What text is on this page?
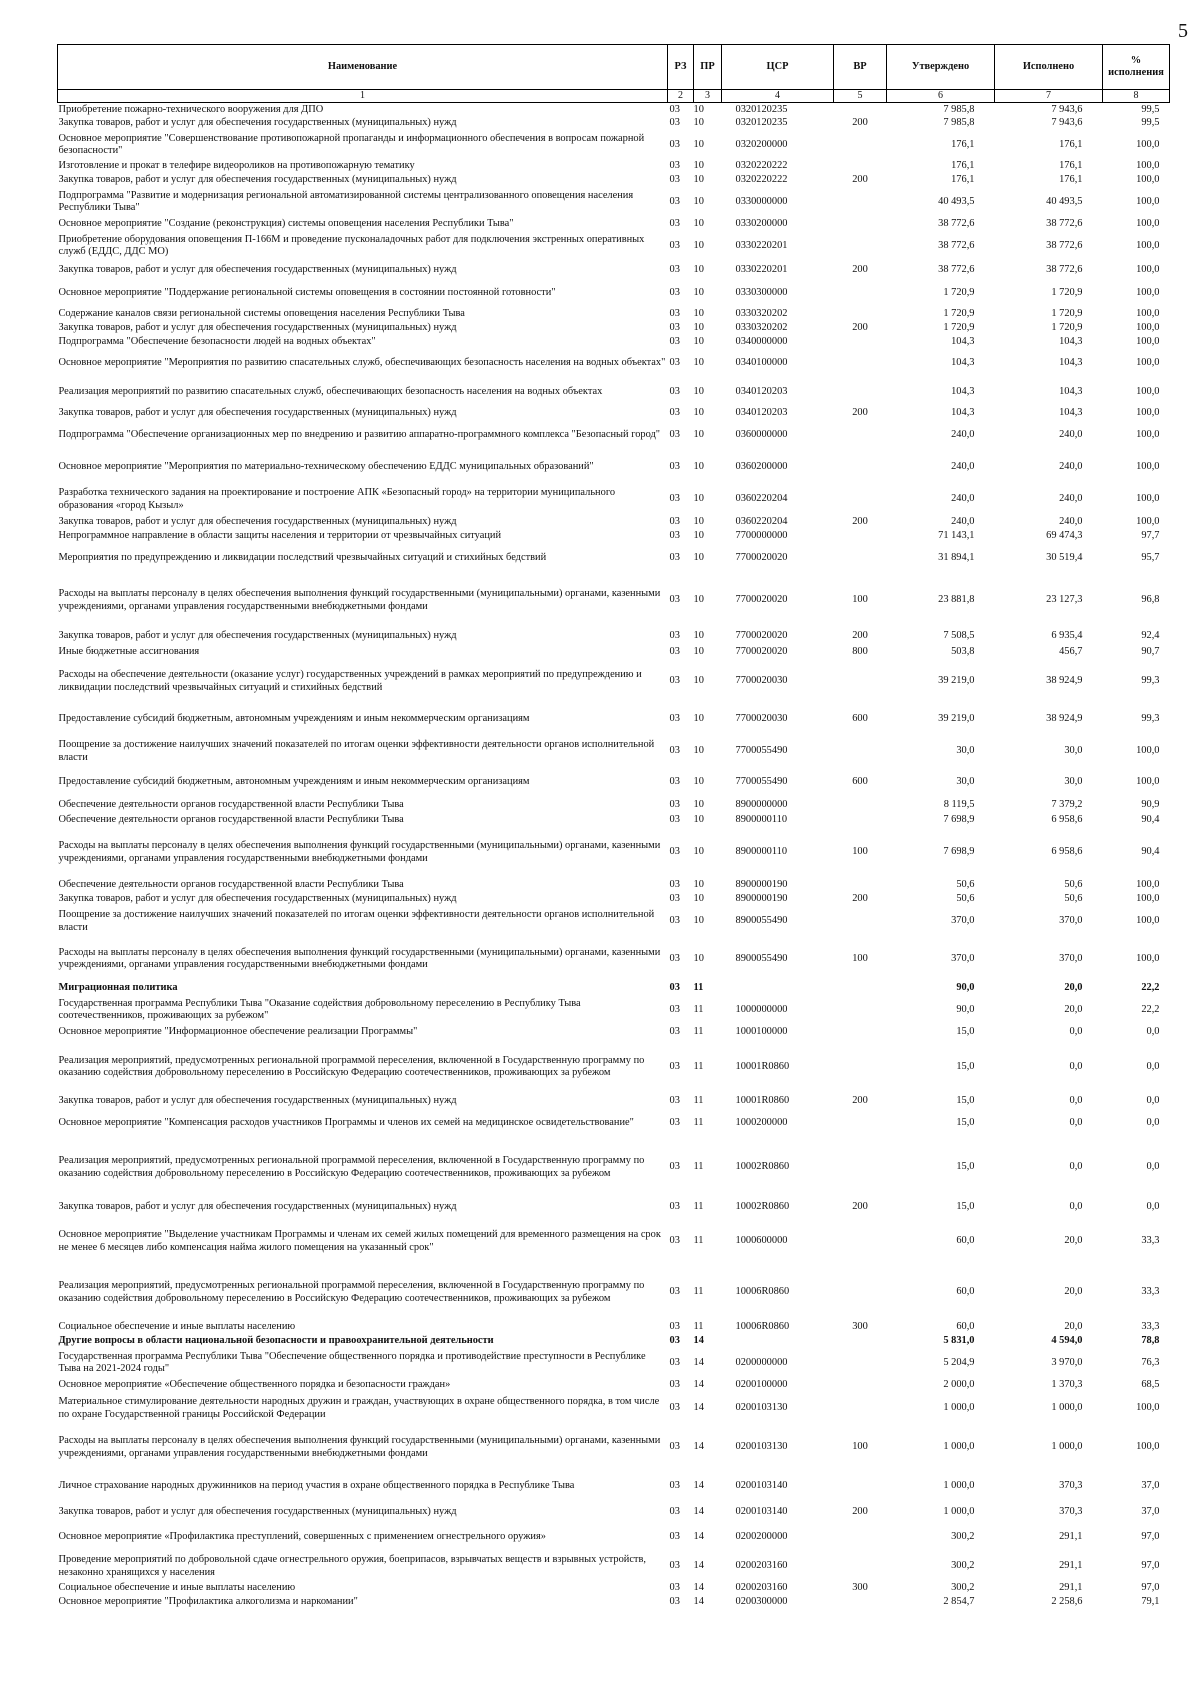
5
Наименование	РЗ	ПР	ЦСР	ВР	Утверждено	Исполнено	% исполнения
1	2	3	4	5	6	7	8
Приобретение пожарно-технического вооружения для ДПО	03	10	0320120235		7 985,8	7 943,6	99,5
Закупка товаров, работ и услуг для обеспечения государственных (муниципальных) нужд	03	10	0320120235	200	7 985,8	7 943,6	99,5
Основное мероприятие "Совершенствование противопожарной пропаганды и информационного обеспечения в вопросам пожарной безопасности"	03	10	0320200000		176,1	176,1	100,0
Изготовление и прокат в телефире видеороликов на противопожарную тематику	03	10	0320220222		176,1	176,1	100,0
Закупка товаров, работ и услуг для обеспечения государственных (муниципальных) нужд	03	10	0320220222	200	176,1	176,1	100,0
Подпрограмма "Развитие и модернизация региональной автоматизированной системы централизованного оповещения населения Республики Тыва"	03	10	0330000000		40 493,5	40 493,5	100,0
Основное мероприятие "Создание (реконструкция) системы оповещения населения Республики Тыва"	03	10	0330200000		38 772,6	38 772,6	100,0
Приобретение оборудования оповещения П-166М и проведение пусконаладочных работ для подключения экстренных оперативных служб (ЕДДС, ДДС МО)	03	10	0330220201		38 772,6	38 772,6	100,0
Закупка товаров, работ и услуг для обеспечения государственных (муниципальных) нужд	03	10	0330220201	200	38 772,6	38 772,6	100,0
Основное мероприятие "Поддержание региональной системы оповещения в состоянии постоянной готовности"	03	10	0330300000		1 720,9	1 720,9	100,0
Содержание каналов связи региональной системы оповещения населения Республики Тыва	03	10	0330320202		1 720,9	1 720,9	100,0
Закупка товаров, работ и услуг для обеспечения государственных (муниципальных) нужд	03	10	0330320202	200	1 720,9	1 720,9	100,0
Подпрограмма "Обеспечение безопасности людей на водных объектах"	03	10	0340000000		104,3	104,3	100,0
Основное мероприятие "Мероприятия по развитию спасательных служб, обеспечивающих безопасность населения на водных объектах"	03	10	0340100000		104,3	104,3	100,0
Реализация мероприятий по развитию спасательных служб, обеспечивающих безопасность населения на водных объектах	03	10	0340120203		104,3	104,3	100,0
Закупка товаров, работ и услуг для обеспечения государственных (муниципальных) нужд	03	10	0340120203	200	104,3	104,3	100,0
Подпрограмма "Обеспечение организационных мер по внедрению и развитию аппаратно-программного комплекса "Безопасный город"	03	10	0360000000		240,0	240,0	100,0
Основное мероприятие "Мероприятия по материально-техническому обеспечению ЕДДС муниципальных образований"	03	10	0360200000		240,0	240,0	100,0
Разработка технического задания на проектирование и построение АПК «Безопасный город» на территории муниципального образования «город Кызыл»	03	10	0360220204		240,0	240,0	100,0
Закупка товаров, работ и услуг для обеспечения государственных (муниципальных) нужд	03	10	0360220204	200	240,0	240,0	100,0
Непрограммное направление в области защиты населения и территории от чрезвычайных ситуаций	03	10	7700000000		71 143,1	69 474,3	97,7
Мероприятия по предупреждению и ликвидации последствий чрезвычайных ситуаций и стихийных бедствий	03	10	7700020020		31 894,1	30 519,4	95,7
Расходы на выплаты персоналу в целях обеспечения выполнения функций государственными (муниципальными) органами, казенными учреждениями, органами управления государственными внебюджетными фондами	03	10	7700020020	100	23 881,8	23 127,3	96,8
Закупка товаров, работ и услуг для обеспечения государственных (муниципальных) нужд	03	10	7700020020	200	7 508,5	6 935,4	92,4
Иные бюджетные ассигнования	03	10	7700020020	800	503,8	456,7	90,7
Расходы на обеспечение деятельности (оказание услуг) государственных учреждений в рамках мероприятий по предупреждению и ликвидации последствий чрезвычайных ситуаций и стихийных бедствий	03	10	7700020030		39 219,0	38 924,9	99,3
Предоставление субсидий бюджетным, автономным учреждениям и иным некоммерческим организациям	03	10	7700020030	600	39 219,0	38 924,9	99,3
Поощрение за достижение наилучших значений показателей по итогам оценки эффективности деятельности органов исполнительной власти	03	10	7700055490		30,0	30,0	100,0
Предоставление субсидий бюджетным, автономным учреждениям и иным некоммерческим организациям	03	10	7700055490	600	30,0	30,0	100,0
Обеспечение деятельности органов государственной власти Республики Тыва	03	10	8900000000		8 119,5	7 379,2	90,9
Обеспечение деятельности органов государственной власти Республики Тыва	03	10	8900000110		7 698,9	6 958,6	90,4
Расходы на выплаты персоналу в целях обеспечения выполнения функций государственными (муниципальными) органами, казенными учреждениями, органами управления государственными внебюджетными фондами	03	10	8900000110	100	7 698,9	6 958,6	90,4
Обеспечение деятельности органов государственной власти Республики Тыва	03	10	8900000190		50,6	50,6	100,0
Закупка товаров, работ и услуг для обеспечения государственных (муниципальных) нужд	03	10	8900000190	200	50,6	50,6	100,0
Поощрение за достижение наилучших значений показателей по итогам оценки эффективности деятельности органов исполнительной власти	03	10	8900055490		370,0	370,0	100,0
Расходы на выплаты персоналу в целях обеспечения выполнения функций государственными (муниципальными) органами, казенными учреждениями, органами управления государственными внебюджетными фондами	03	10	8900055490	100	370,0	370,0	100,0
Миграционная политика	03	11			90,0	20,0	22,2
Государственная программа Республики Тыва "Оказание содействия добровольному переселению в Республику Тыва соотечественников, проживающих за рубежом"	03	11	1000000000		90,0	20,0	22,2
Основное мероприятие "Информационное обеспечение реализации Программы"	03	11	1000100000		15,0	0,0	0,0
Реализация мероприятий, предусмотренных региональной программой переселения, включенной в Государственную программу по оказанию содействия добровольному переселению в Российскую Федерацию соотечественников, проживающих за рубежом	03	11	10001R0860		15,0	0,0	0,0
Закупка товаров, работ и услуг для обеспечения государственных (муниципальных) нужд	03	11	10001R0860	200	15,0	0,0	0,0
Основное мероприятие "Компенсация расходов участников Программы и членов их семей на медицинское освидетельствование"	03	11	1000200000		15,0	0,0	0,0
Реализация мероприятий, предусмотренных региональной программой переселения, включенной в Государственную программу по оказанию содействия добровольному переселению в Российскую Федерацию соотечественников, проживающих за рубежом	03	11	10002R0860		15,0	0,0	0,0
Закупка товаров, работ и услуг для обеспечения государственных (муниципальных) нужд	03	11	10002R0860	200	15,0	0,0	0,0
Основное мероприятие "Выделение участникам Программы и членам их семей жилых помещений для временного размещения на срок не менее 6 месяцев либо компенсация найма жилого помещения на указанный срок"	03	11	1000600000		60,0	20,0	33,3
Реализация мероприятий, предусмотренных региональной программой переселения, включенной в Государственную программу по оказанию содействия добровольному переселению в Российскую Федерацию соотечественников, проживающих за рубежом	03	11	10006R0860		60,0	20,0	33,3
Социальное обеспечение и иные выплаты населению	03	11	10006R0860	300	60,0	20,0	33,3
Другие вопросы в области национальной безопасности и правоохранительной деятельности	03	14			5 831,0	4 594,0	78,8
Государственная программа Республики Тыва "Обеспечение общественного порядка и противодействие преступности в Республике Тыва на 2021-2024 годы"	03	14	0200000000		5 204,9	3 970,0	76,3
Основное мероприятие «Обеспечение общественного порядка и безопасности граждан»	03	14	0200100000		2 000,0	1 370,3	68,5
Материальное стимулирование деятельности народных дружин и граждан, участвующих в охране общественного порядка, в том числе по охране Государственной границы Российской Федерации	03	14	0200103130		1 000,0	1 000,0	100,0
Расходы на выплаты персоналу в целях обеспечения выполнения функций государственными (муниципальными) органами, казенными учреждениями, органами управления государственными внебюджетными фондами	03	14	0200103130	100	1 000,0	1 000,0	100,0
Личное страхование народных дружинников на период участия в охране общественного порядка в Республике Тыва	03	14	0200103140		1 000,0	370,3	37,0
Закупка товаров, работ и услуг для обеспечения государственных (муниципальных) нужд	03	14	0200103140	200	1 000,0	370,3	37,0
Основное мероприятие «Профилактика преступлений, совершенных с применением огнестрельного оружия»	03	14	0200200000		300,2	291,1	97,0
Проведение мероприятий по добровольной сдаче огнестрельного оружия, боеприпасов, взрывчатых веществ и взрывных устройств, незаконно хранящихся у населения	03	14	0200203160		300,2	291,1	97,0
Социальное обеспечение и иные выплаты населению	03	14	0200203160	300	300,2	291,1	97,0
Основное мероприятие "Профилактика алкоголизма и наркомании"	03	14	0200300000		2 854,7	2 258,6	79,1
